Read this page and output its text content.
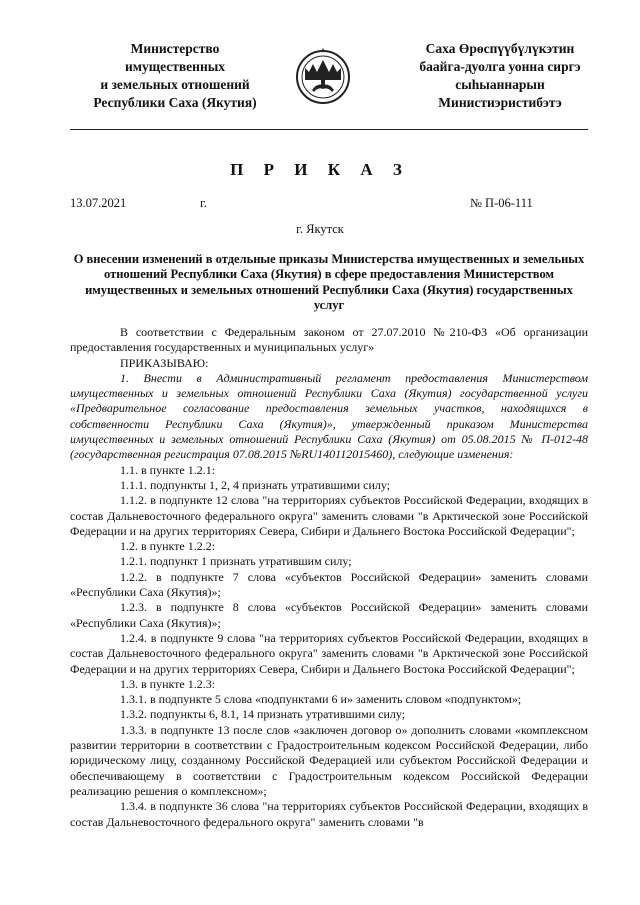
Министерство
имущественных
и земельных отношений
Республики Саха (Якутия)
Саха Өрөспүүбүлүкэтин
баайга-дуолга уонна сиргэ
сыһыаннарын
Министиэристибэтэ
П Р И К А З
13.07.2021	г.	№ П-06-111
г. Якутск
О внесении изменений в отдельные приказы Министерства имущественных и земельных отношений Республики Саха (Якутия) в сфере предоставления Министерством имущественных и земельных отношений Республики Саха (Якутия) государственных услуг

В соответствии с Федеральным законом от 27.07.2010 №210-ФЗ «Об организации предоставления государственных и муниципальных услуг»

ПРИКАЗЫВАЮ:

1. Внести в Административный регламент предоставления Министерством имущественных и земельных отношений Республики Саха (Якутия) государственной услуги «Предварительное согласование предоставления земельных участков, находящихся в собственности Республики Саха (Якутия)», утвержденный приказом Министерства имущественных и земельных отношений Республики Саха (Якутия) от 05.08.2015 № П-012-48 (государственная регистрация 07.08.2015 №RU140112015460), следующие изменения:

1.1. в пункте 1.2.1:

1.1.1. подпункты 1, 2, 4 признать утратившими силу;

1.1.2. в подпункте 12 слова "на территориях субъектов Российской Федерации, входящих в состав Дальневосточного федерального округа" заменить словами "в Арктической зоне Российской Федерации и на других территориях Севера, Сибири и Дальнего Востока Российской Федерации";

1.2. в пункте 1.2.2:

1.2.1. подпункт 1 признать утратившим силу;

1.2.2. в подпункте 7 слова «субъектов Российской Федерации» заменить словами «Республики Саха (Якутия)»;

1.2.3. в подпункте 8 слова «субъектов Российской Федерации» заменить словами «Республики Саха (Якутия)»;

1.2.4. в подпункте 9 слова "на территориях субъектов Российской Федерации, входящих в состав Дальневосточного федерального округа" заменить словами "в Арктической зоне Российской Федерации и на других территориях Севера, Сибири и Дальнего Востока Российской Федерации";

1.3. в пункте 1.2.3:

1.3.1. в подпункте 5 слова «подпунктами 6 и» заменить словом «подпунктом»;

1.3.2. подпункты 6, 8.1, 14 признать утратившими силу;

1.3.3. в подпункте 13 после слов «заключен договор о» дополнить словами «комплексном развитии территории в соответствии с Градостроительным кодексом Российской Федерации, либо юридическому лицу, созданному Российской Федерацией или субъектом Российской Федерации и обеспечивающему в соответствии с Градостроительным кодексом Российской Федерации реализацию решения о комплексном»;

1.3.4. в подпункте 36 слова "на территориях субъектов Российской Федерации, входящих в состав Дальневосточного федерального округа" заменить словами "в
